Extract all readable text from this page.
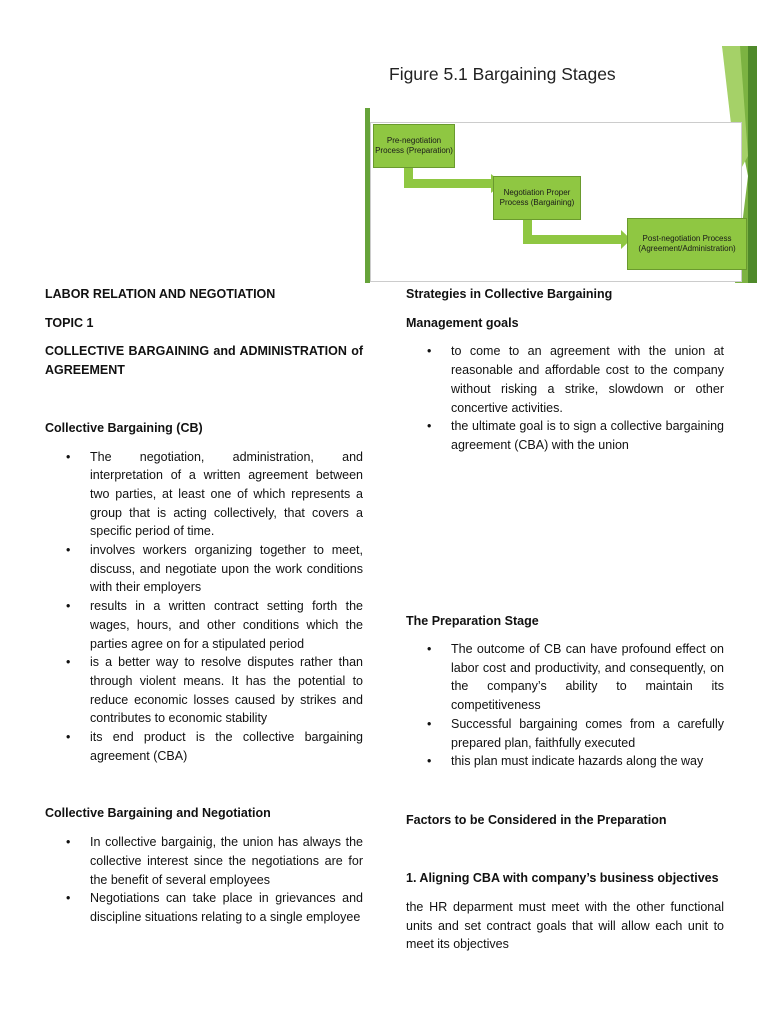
Figure 5.1 Bargaining Stages
Pre-negotiation Process (Preparation)
Negotiation Proper Process (Bargaining)
Post-negotiation Process (Agreement/Administration)
LABOR RELATION AND NEGOTIATION
TOPIC 1
COLLECTIVE BARGAINING and ADMINISTRATION of AGREEMENT
Collective Bargaining (CB)
• The negotiation, administration, and interpretation of a written agreement between two parties, at least one of which represents a group that is acting collectively, that covers a specific period of time.
• involves workers organizing together to meet, discuss, and negotiate upon the work conditions with their employers
• results in a written contract setting forth the wages, hours, and other conditions which the parties agree on for a stipulated period
• is a better way to resolve disputes rather than through violent means. It has the potential to reduce economic losses caused by strikes and contributes to economic stability
• its end product is the collective bargaining agreement (CBA)
Collective Bargaining and Negotiation
• In collective bargainig, the union has always the collective interest since the negotiations are for the benefit of several employees
• Negotiations can take place in grievances and discipline situations relating to a single employee
Strategies in Collective Bargaining
Management goals
• to come to an agreement with the union at reasonable and affordable cost to the company without risking a strike, slowdown or other concertive activities.
• the ultimate goal is to sign a collective bargaining agreement (CBA) with the union
The Preparation Stage
• The outcome of CB can have profound effect on labor cost and productivity, and consequently, on the company’s ability to maintain its competitiveness
• Successful bargaining comes from a carefully prepared plan, faithfully executed
• this plan must indicate hazards along the way
Factors to be Considered in the Preparation
1. Aligning CBA with company’s business objectives

the HR deparment must meet with the other functional units and set contract goals that will allow each unit to meet its objectives
